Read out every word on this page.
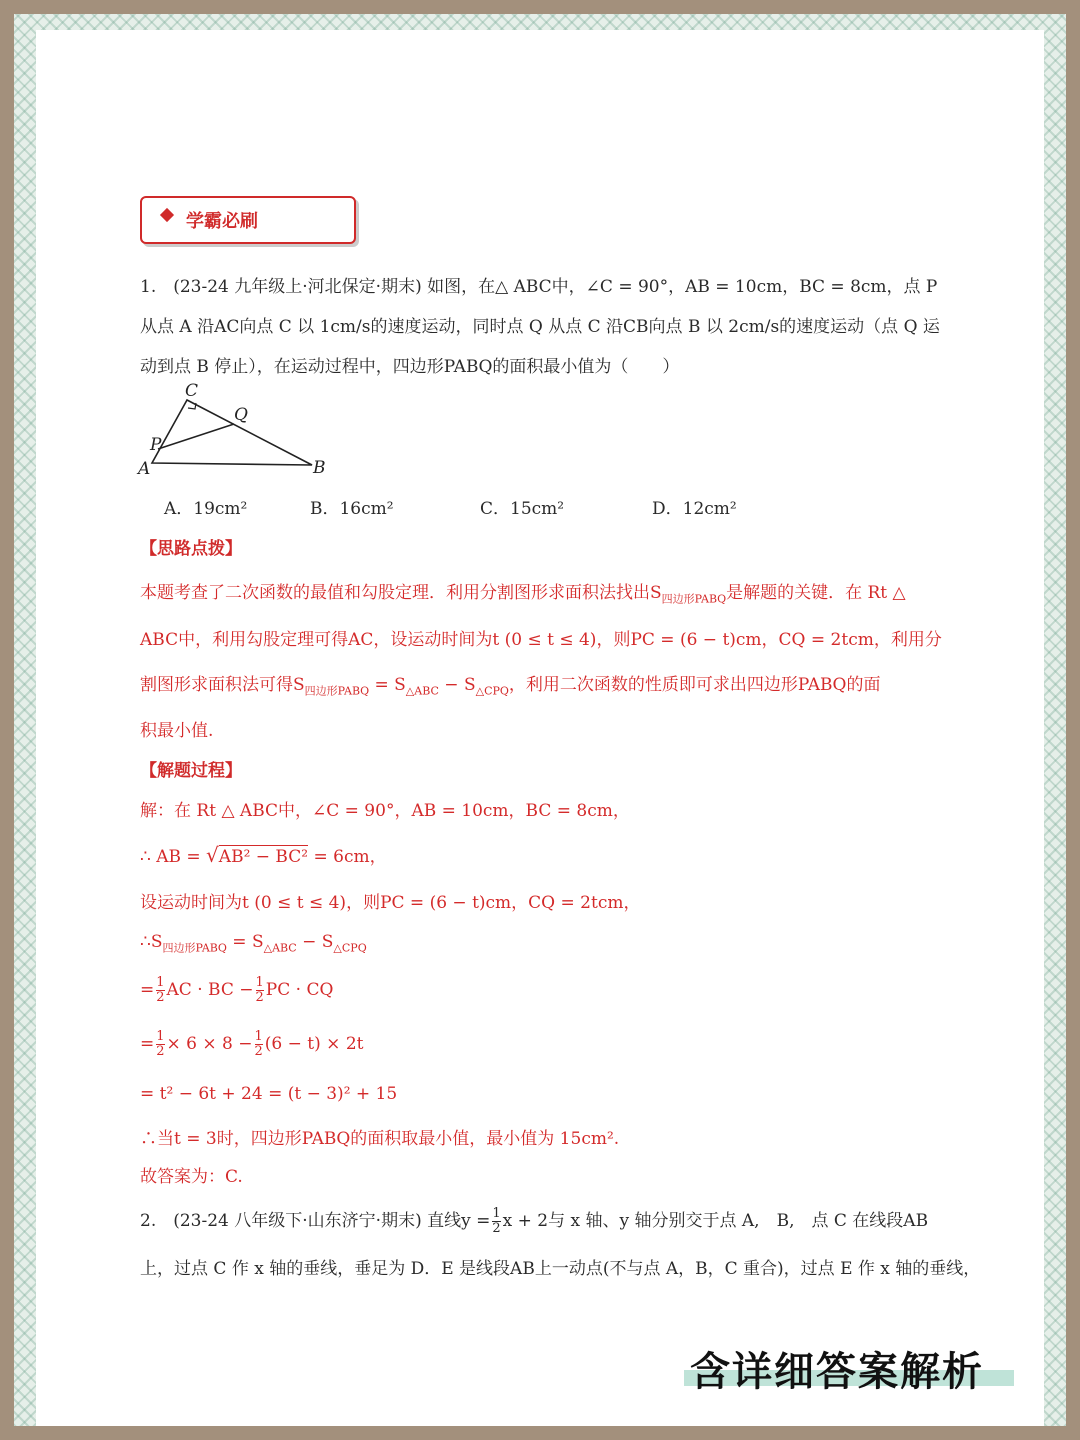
学霸必刷
1.　(23-24 九年级上·河北保定·期末) 如图，在△ ABC中，∠C = 90°，AB = 10cm，BC = 8cm，点 P
从点 A 沿AC向点 C 以 1cm/s的速度运动，同时点 Q 从点 C 沿CB向点 B 以 2cm/s的速度运动（点 Q 运
动到点 B 停止），在运动过程中，四边形PABQ的面积最小值为（　　）
C
Q
P
A	B
A．19cm²	B．16cm²	C．15cm²	D．12cm²
【思路点拨】
本题考查了二次函数的最值和勾股定理．利用分割图形求面积法找出$S_{四边形PABQ}$是解题的关键．在 Rt △
ABC中，利用勾股定理可得AC，设运动时间为t (0 ≤ t ≤ 4)，则PC = (6 − t)cm，CQ = 2tcm，利用分
割图形求面积法可得$S_{四边形PABQ} = S_{\triangle ABC} - S_{\triangle CPQ}$，利用二次函数的性质即可求出四边形PABQ的面
积最小值.
【解题过程】
解：在 Rt △ ABC中，∠C = 90°，AB = 10cm，BC = 8cm，
∴ AB = √AB² − BC² = 6cm，
设运动时间为t (0 ≤ t ≤ 4)，则PC = (6 − t)cm，CQ = 2tcm，
$\therefore S_{四边形PABQ} = S_{\triangle ABC} - S_{\triangle CPQ}$
= $\frac{1}{2}$ AC · BC − $\frac{1}{2}$ PC · CQ
= $\frac{1}{2} \times 6 \times 8 - \frac{1}{2} (6 - t) \times 2t$
= t² − 6t + 24 = (t − 3)² + 15
∴当t = 3时，四边形PABQ的面积取最小值，最小值为 15cm².
故答案为：C.
2.　(23-24 八年级下·山东济宁·期末) 直线$y = \frac{1}{2}$ x + 2与 x 轴、y 轴分别交于点 A,　B,　点 C 在线段AB
上，过点 C 作 x 轴的垂线，垂足为 D．E 是线段AB上一动点(不与点 A，B，C 重合)，过点 E 作 x 轴的垂线，
含详细答案解析
